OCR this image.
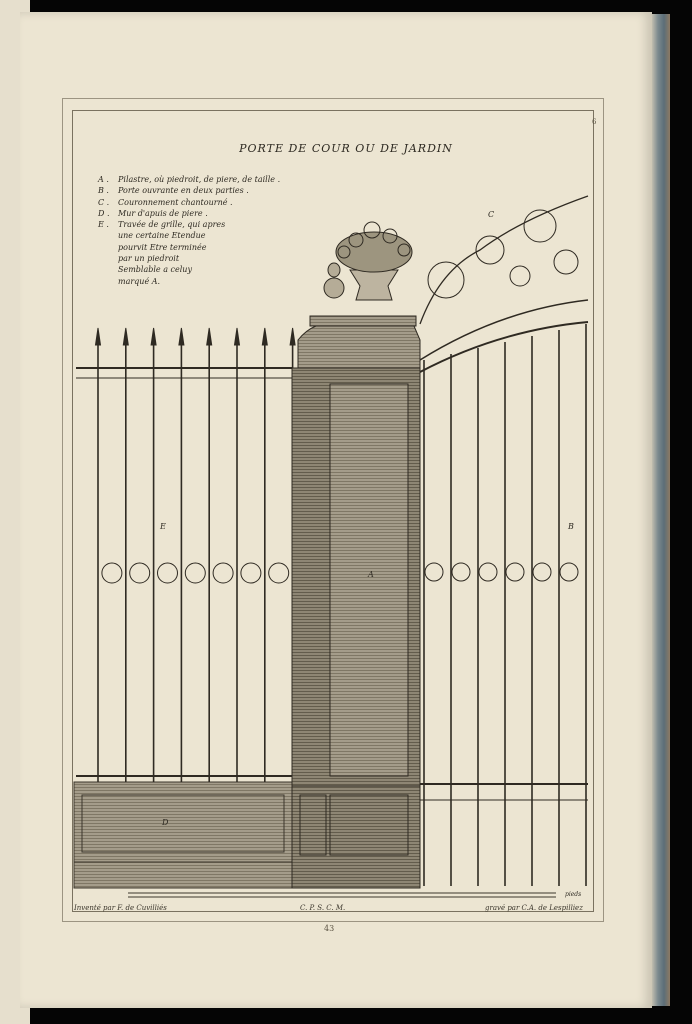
6
PORTE DE COUR OU DE JARDIN
A .	Pilastre, où piedroit, de piere, de taille .
B .	Porte ouvrante en deux parties .
C .	Couronnement chantourné .
D .	Mur d'apuis de piere .
E .	Travée de grille, qui apres
une certaine Etendue
pourvit Etre terminée
par un piedroit
Semblable a celuy
marqué A.
C
E
A
B
D
pieds
Inventé par F. de Cuvilliés	C. P. S. C. M.	gravé par C.A. de Lespilliez
43
